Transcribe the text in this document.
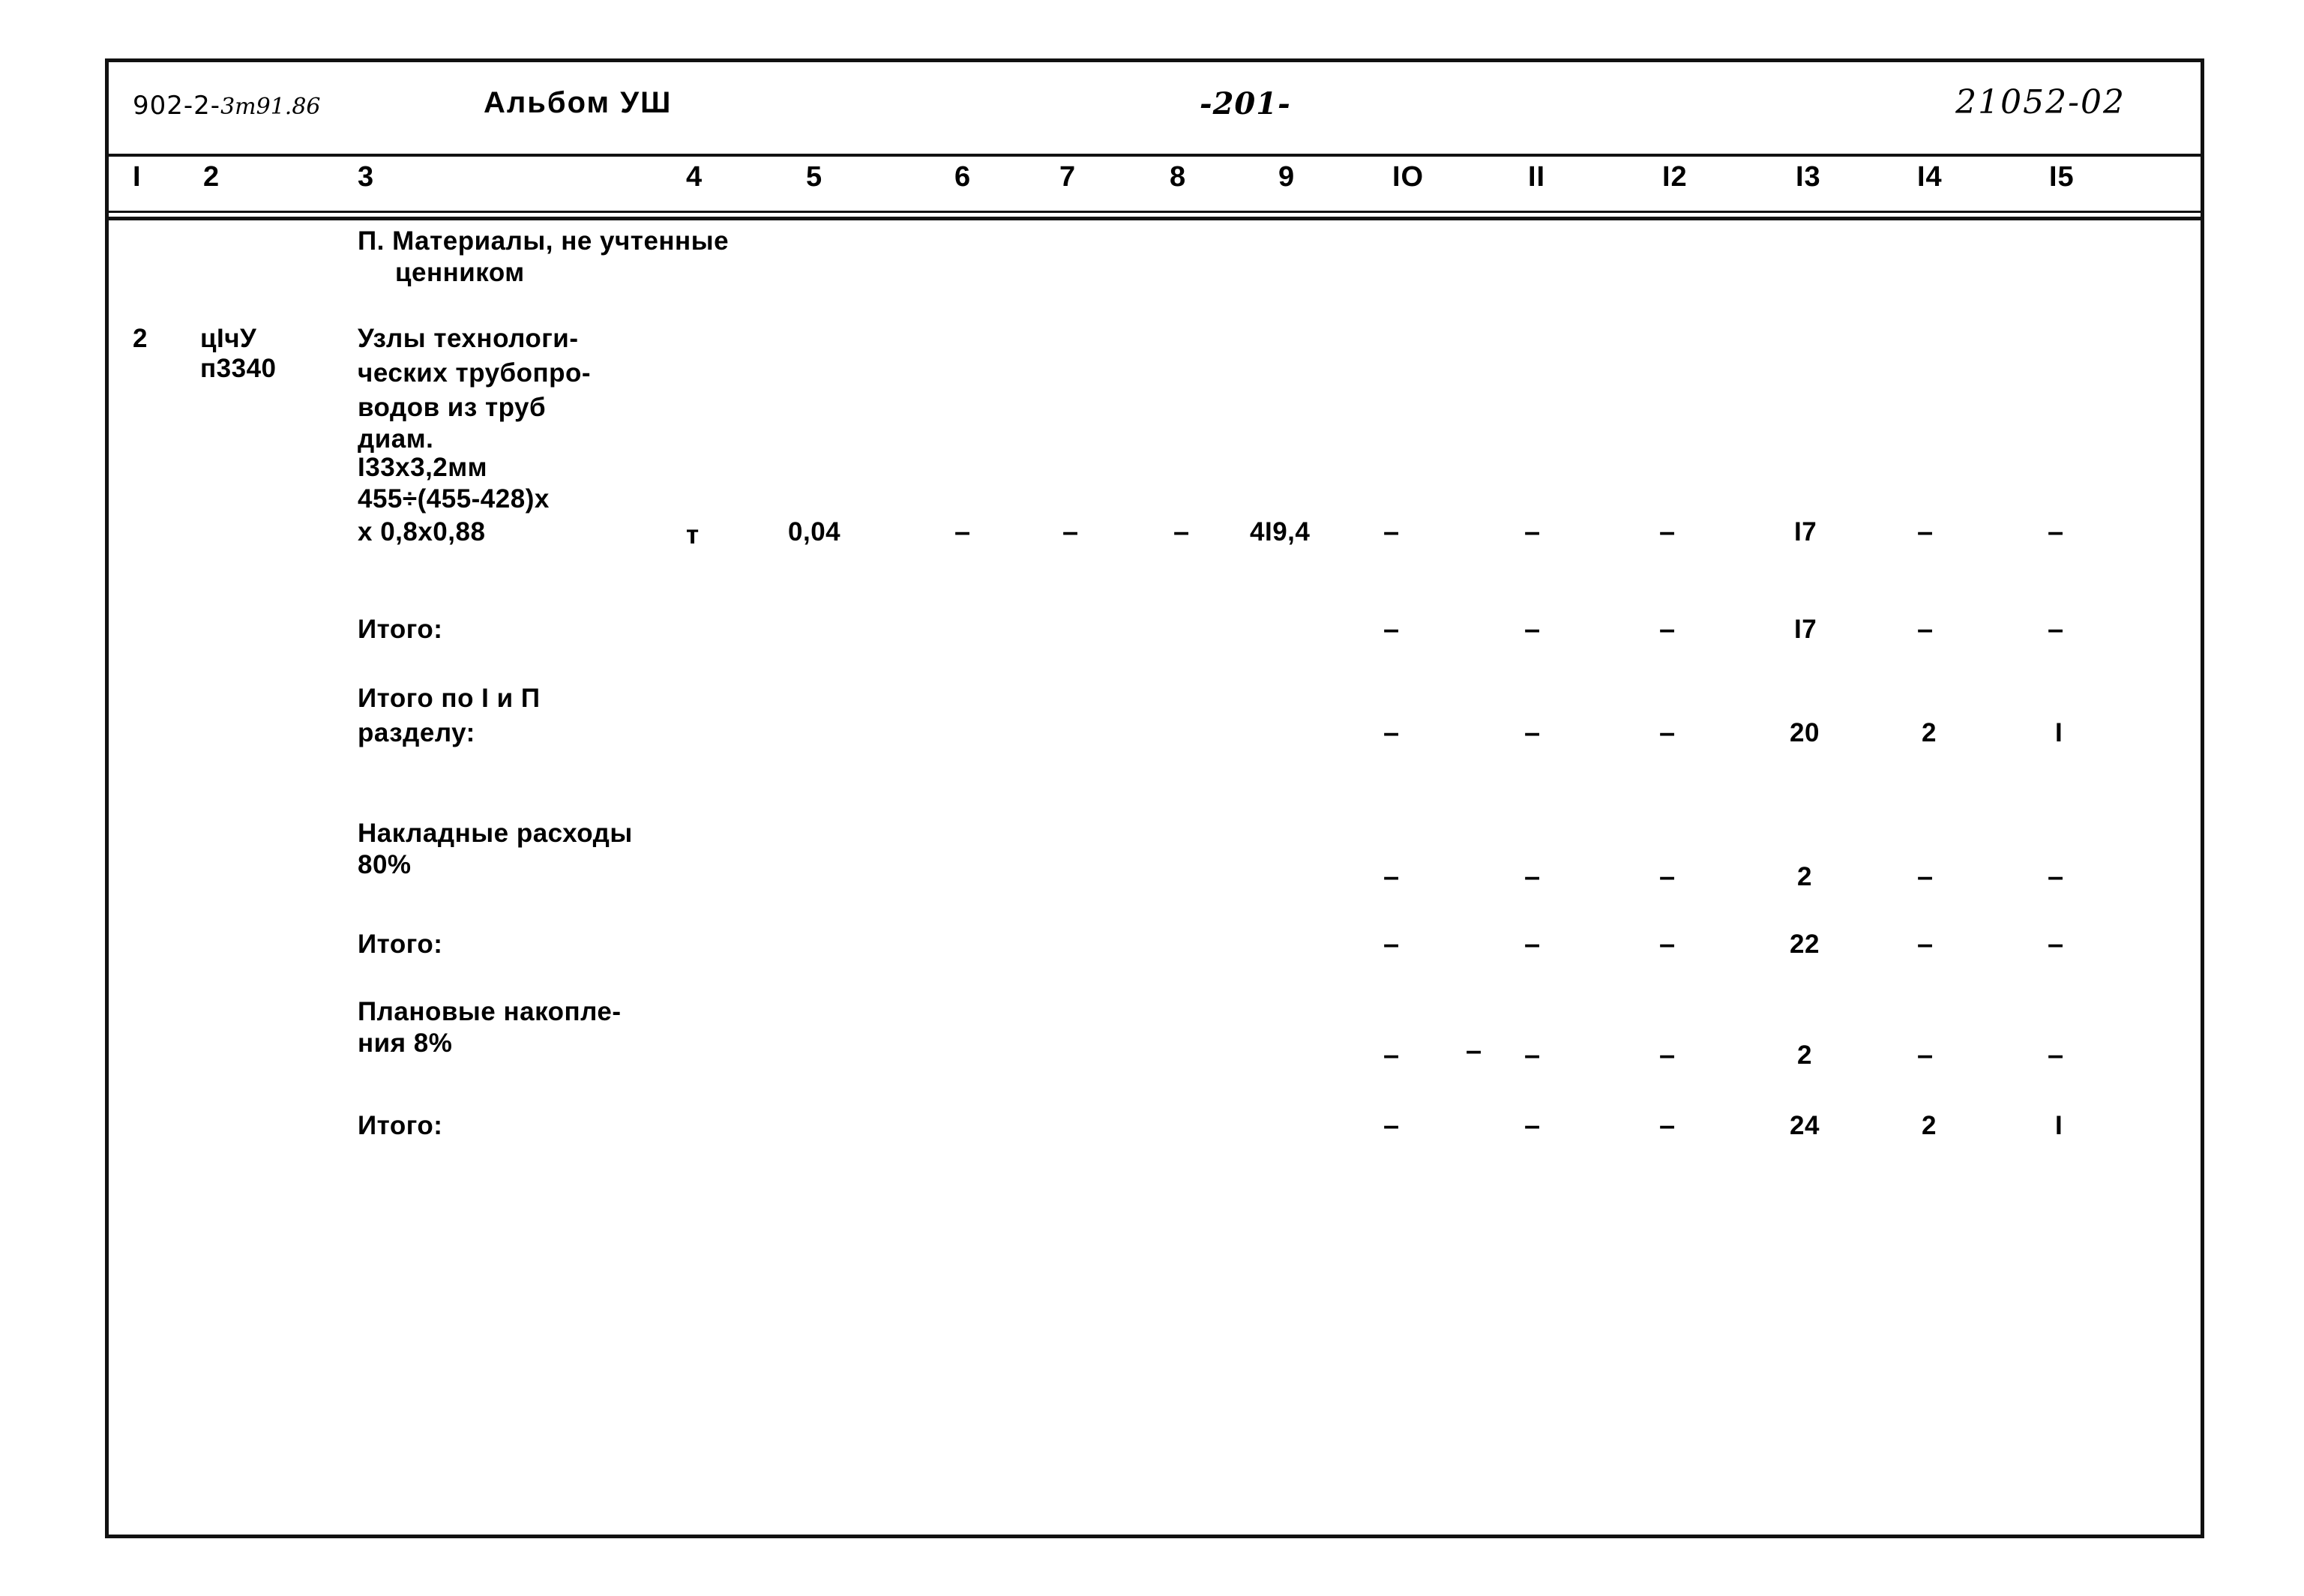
902-2-3т91.86	Альбом УШ	-201-	21052-02
I 2	3	4	5	6	7	8	9	IO	II	I2	I3	I4	I5
П. Материалы, не учтенные
ценником
2 цIчУ
п3340
Узлы технологи-
ческих трубопро-
водов из труб
диам.
I33х3,2мм
455÷(455-428)х
х 0,8х0,88	т	0,04	–	–	– 4I9,4	–	–	–	I7	–	–
Итого:	–	–	–	I7	–	–
Итого по I и П
разделу:	–	–	–	20	2	I
Накладные расходы
80%	–	–	–	2	–	–
Итого:	–	–	–	22	–	–
Плановые накопле-
ния 8%	– – –	–	2	–	–
Итого:	–	–	–	24	2	I
